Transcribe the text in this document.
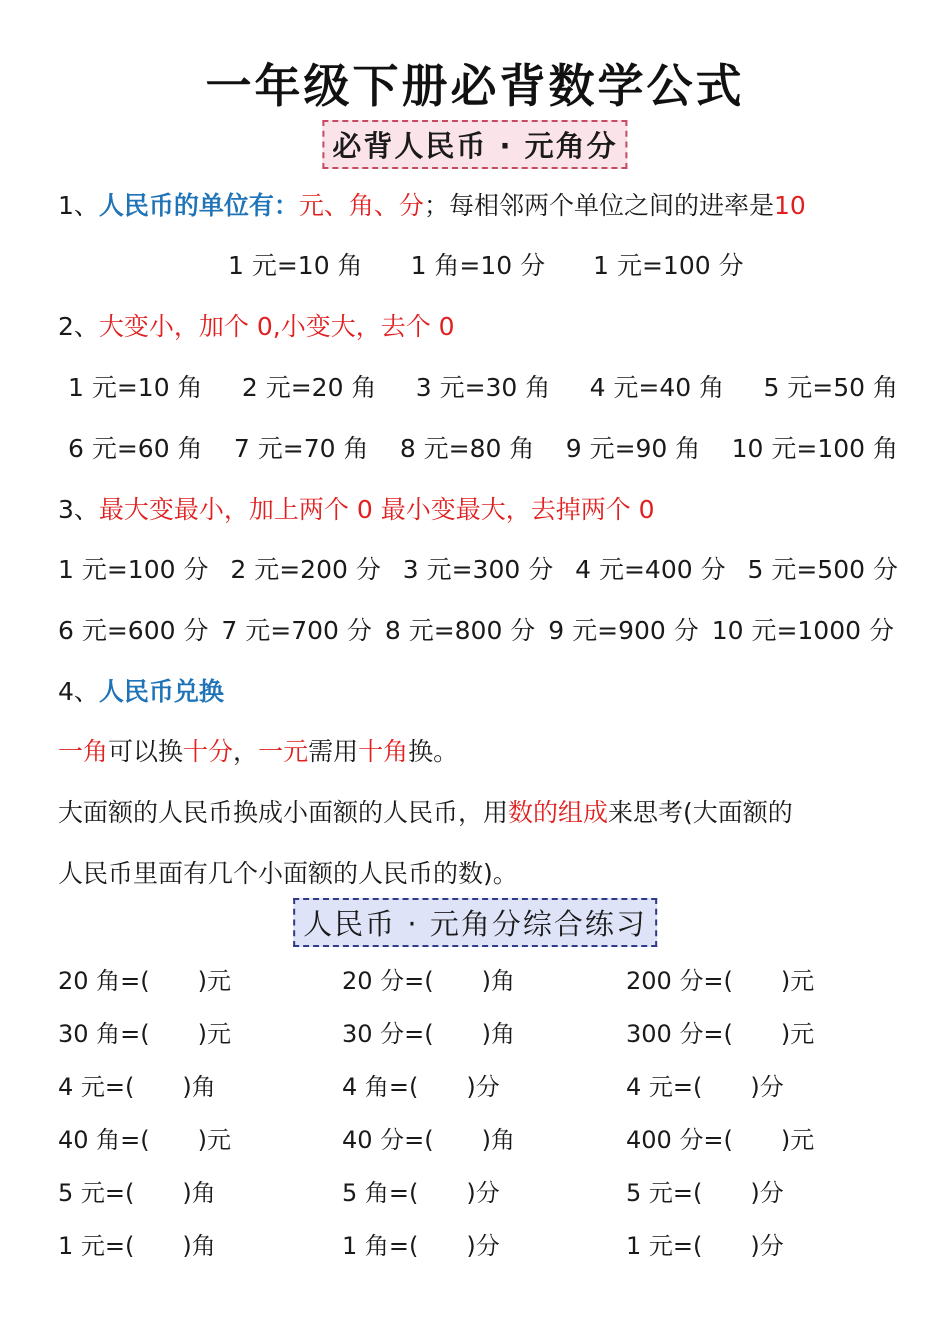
一年级下册必背数学公式
必背人民币 · 元角分
1、人民币的单位有：元、角、分；每相邻两个单位之间的进率是10
1 元=10 角 1 角=10 分 1 元=100 分
2、大变小，加个 0,小变大，去个 0
1 元=10 角 2 元=20 角 3 元=30 角 4 元=40 角 5 元=50 角
6 元=60 角 7 元=70 角 8 元=80 角 9 元=90 角 10 元=100 角
3、最大变最小，加上两个 0 最小变最大，去掉两个 0
1 元=100 分 2 元=200 分 3 元=300 分 4 元=400 分 5 元=500 分
6 元=600 分 7 元=700 分 8 元=800 分 9 元=900 分 10 元=1000 分
4、人民币兑换
一角可以换十分，一元需用十角换。
大面额的人民币换成小面额的人民币，用数的组成来思考(大面额的
人民币里面有几个小面额的人民币的数)。
人民币 · 元角分综合练习
20 角=(　　)元	20 分=(　　)角	200 分=(　　)元
30 角=(　　)元	30 分=(　　)角	300 分=(　　)元
4 元=(　　)角	4 角=(　　)分	4 元=(　　)分
40 角=(　　)元	40 分=(　　)角	400 分=(　　)元
5 元=(　　)角	5 角=(　　)分	5 元=(　　)分
1 元=(　　)角	1 角=(　　)分	1 元=(　　)分
